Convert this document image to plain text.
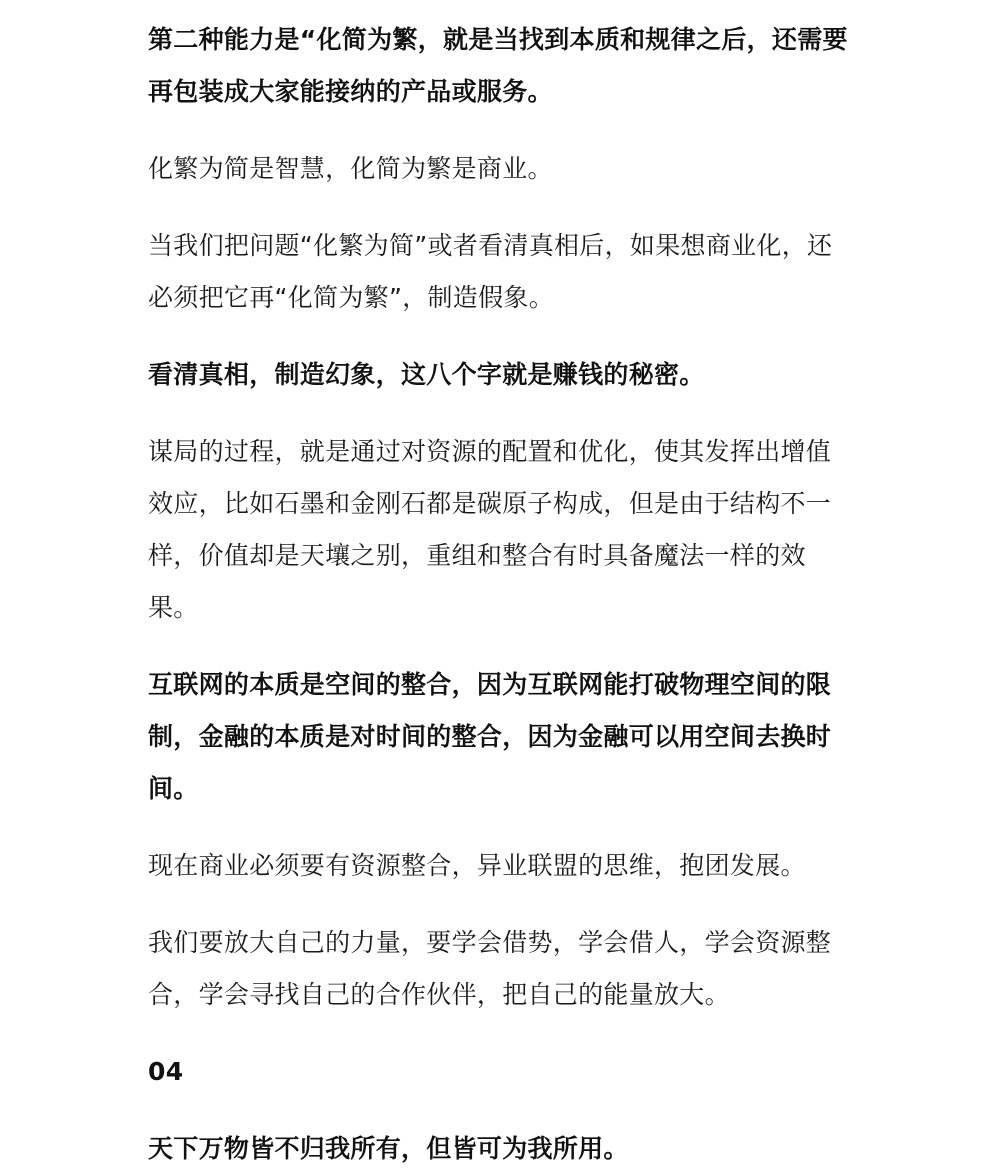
第二种能力是“化简为繁，就是当找到本质和规律之后，还需要再包装成大家能接纳的产品或服务。

化繁为简是智慧，化简为繁是商业。

当我们把问题“化繁为简”或者看清真相后，如果想商业化，还必须把它再“化简为繁”，制造假象。

看清真相，制造幻象，这八个字就是赚钱的秘密。

谋局的过程，就是通过对资源的配置和优化，使其发挥出增值效应，比如石墨和金刚石都是碳原子构成，但是由于结构不一样，价值却是天壤之别，重组和整合有时具备魔法一样的效果。

互联网的本质是空间的整合，因为互联网能打破物理空间的限制，金融的本质是对时间的整合，因为金融可以用空间去换时间。

现在商业必须要有资源整合，异业联盟的思维，抱团发展。

我们要放大自己的力量，要学会借势，学会借人，学会资源整合，学会寻找自己的合作伙伴，把自己的能量放大。

04

天下万物皆不归我所有，但皆可为我所用。
